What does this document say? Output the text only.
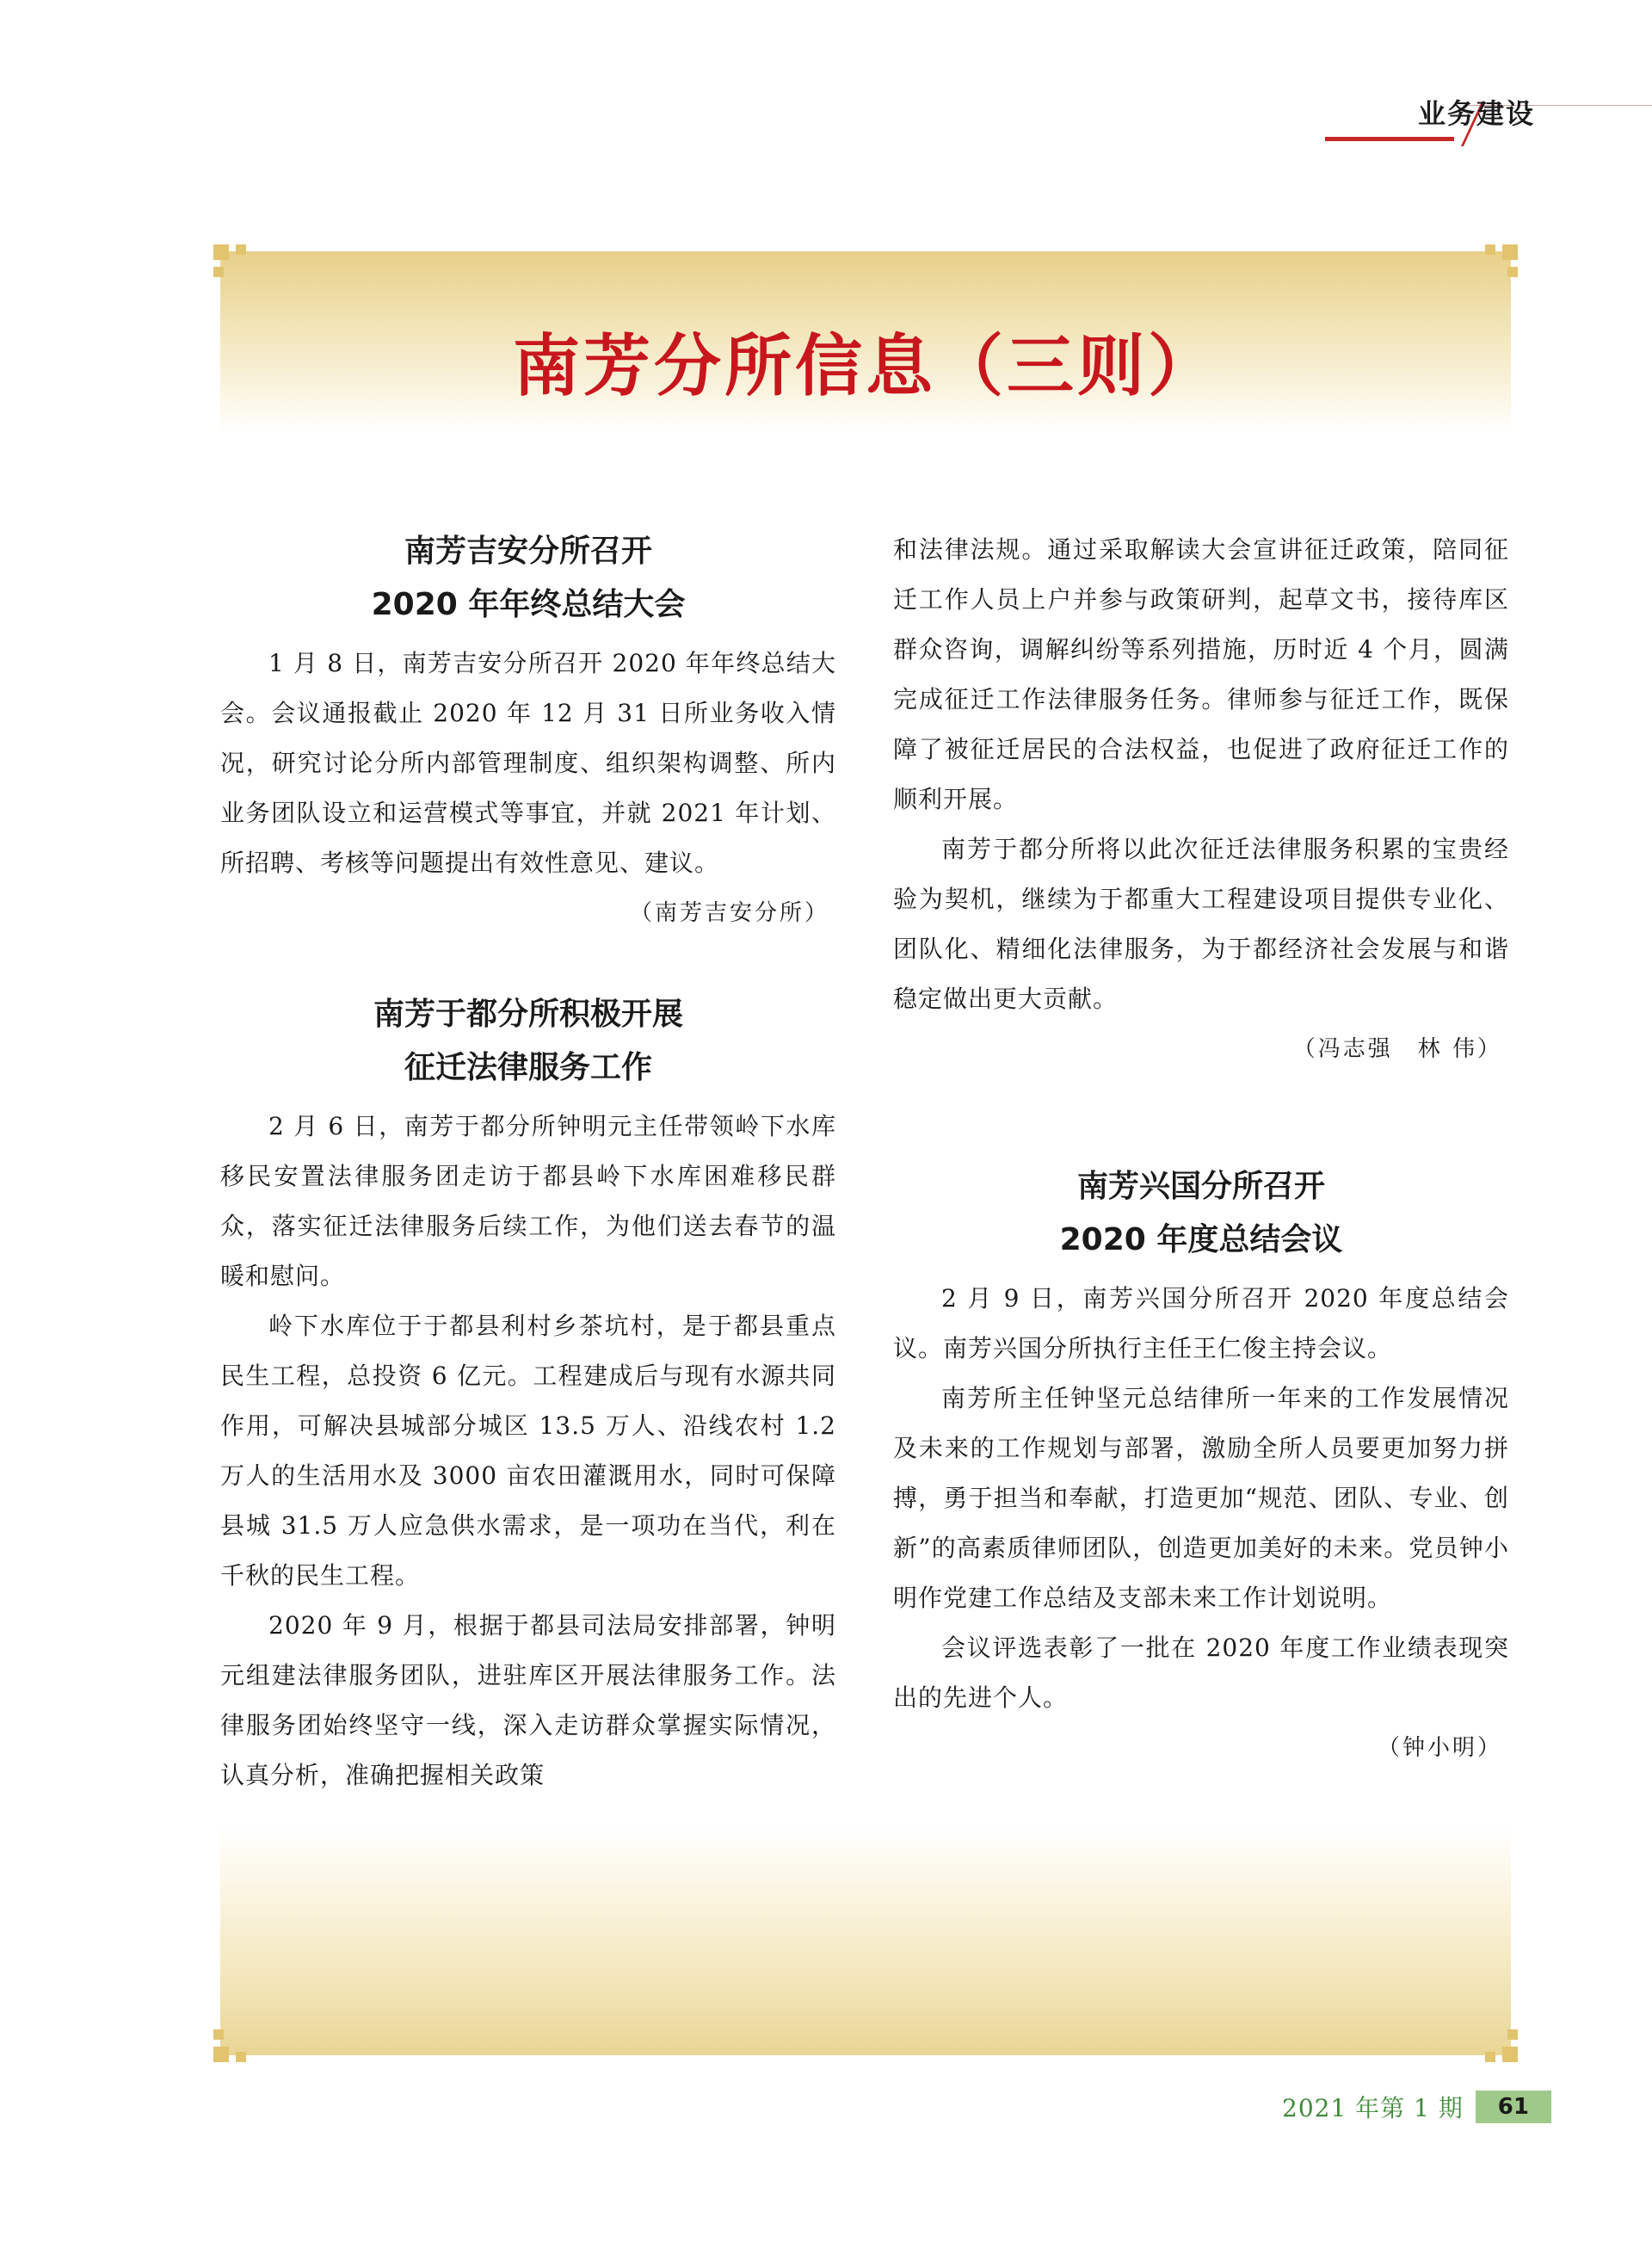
业务建设
南芳分所信息（三则）
南芳吉安分所召开
2020 年年终总结大会

1 月 8 日，南芳吉安分所召开 2020 年年终总结大会。会议通报截止 2020 年 12 月 31 日所业务收入情况，研究讨论分所内部管理制度、组织架构调整、所内业务团队设立和运营模式等事宜，并就 2021 年计划、所招聘、考核等问题提出有效性意见、建议。

（南芳吉安分所）

南芳于都分所积极开展
征迁法律服务工作

2 月 6 日，南芳于都分所钟明元主任带领岭下水库移民安置法律服务团走访于都县岭下水库困难移民群众，落实征迁法律服务后续工作，为他们送去春节的温暖和慰问。

岭下水库位于于都县利村乡茶坑村，是于都县重点民生工程，总投资 6 亿元。工程建成后与现有水源共同作用，可解决县城部分城区 13.5 万人、沿线农村 1.2 万人的生活用水及 3000 亩农田灌溉用水，同时可保障县城 31.5 万人应急供水需求，是一项功在当代，利在千秋的民生工程。

2020 年 9 月，根据于都县司法局安排部署，钟明元组建法律服务团队，进驻库区开展法律服务工作。法律服务团始终坚守一线，深入走访群众掌握实际情况，认真分析，准确把握相关政策

和法律法规。通过采取解读大会宣讲征迁政策，陪同征迁工作人员上户并参与政策研判，起草文书，接待库区群众咨询，调解纠纷等系列措施，历时近 4 个月，圆满完成征迁工作法律服务任务。律师参与征迁工作，既保障了被征迁居民的合法权益，也促进了政府征迁工作的顺利开展。

南芳于都分所将以此次征迁法律服务积累的宝贵经验为契机，继续为于都重大工程建设项目提供专业化、团队化、精细化法律服务，为于都经济社会发展与和谐稳定做出更大贡献。

（冯志强　林 伟）

南芳兴国分所召开
2020 年度总结会议

2 月 9 日，南芳兴国分所召开 2020 年度总结会议。南芳兴国分所执行主任王仁俊主持会议。

南芳所主任钟坚元总结律所一年来的工作发展情况及未来的工作规划与部署，激励全所人员要更加努力拼搏，勇于担当和奉献，打造更加“规范、团队、专业、创新”的高素质律师团队，创造更加美好的未来。党员钟小明作党建工作总结及支部未来工作计划说明。

会议评选表彰了一批在 2020 年度工作业绩表现突出的先进个人。

（钟小明）

2021 年第 1 期	61
